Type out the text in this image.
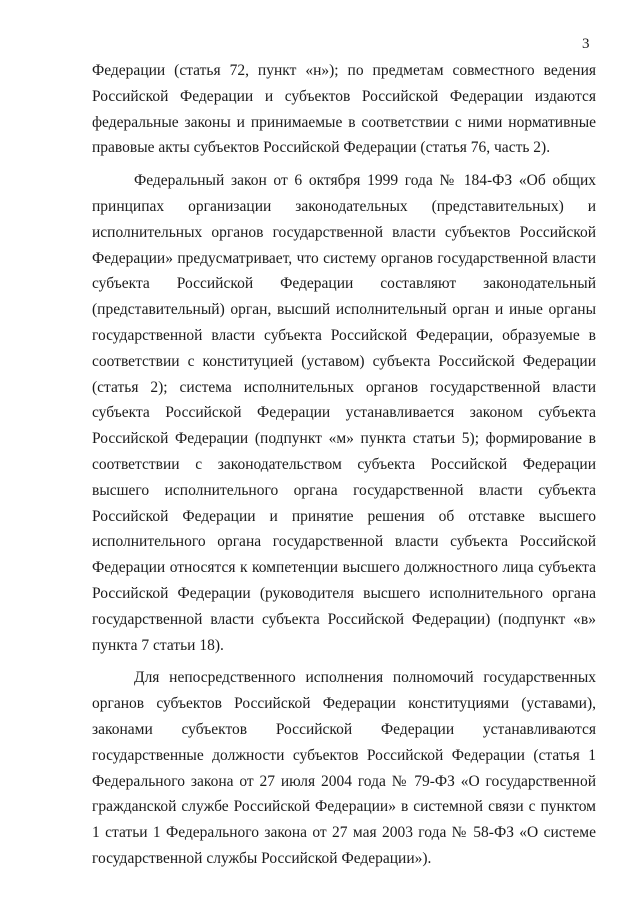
3

Федерации (статья 72, пункт «н»); по предметам совместного ведения Российской Федерации и субъектов Российской Федерации издаются федеральные законы и принимаемые в соответствии с ними нормативные правовые акты субъектов Российской Федерации (статья 76, часть 2).

Федеральный закон от 6 октября 1999 года № 184-ФЗ «Об общих принципах организации законодательных (представительных) и исполнительных органов государственной власти субъектов Российской Федерации» предусматривает, что систему органов государственной власти субъекта Российской Федерации составляют законодательный (представительный) орган, высший исполнительный орган и иные органы государственной власти субъекта Российской Федерации, образуемые в соответствии с конституцией (уставом) субъекта Российской Федерации (статья 2); система исполнительных органов государственной власти субъекта Российской Федерации устанавливается законом субъекта Российской Федерации (подпункт «м» пункта статьи 5); формирование в соответствии с законодательством субъекта Российской Федерации высшего исполнительного органа государственной власти субъекта Российской Федерации и принятие решения об отставке высшего исполнительного органа государственной власти субъекта Российской Федерации относятся к компетенции высшего должностного лица субъекта Российской Федерации (руководителя высшего исполнительного органа государственной власти субъекта Российской Федерации) (подпункт «в» пункта 7 статьи 18).

Для непосредственного исполнения полномочий государственных органов субъектов Российской Федерации конституциями (уставами), законами субъектов Российской Федерации устанавливаются государственные должности субъектов Российской Федерации (статья 1 Федерального закона от 27 июля 2004 года № 79-ФЗ «О государственной гражданской службе Российской Федерации» в системной связи с пунктом 1 статьи 1 Федерального закона от 27 мая 2003 года № 58-ФЗ «О системе государственной службы Российской Федерации»).
